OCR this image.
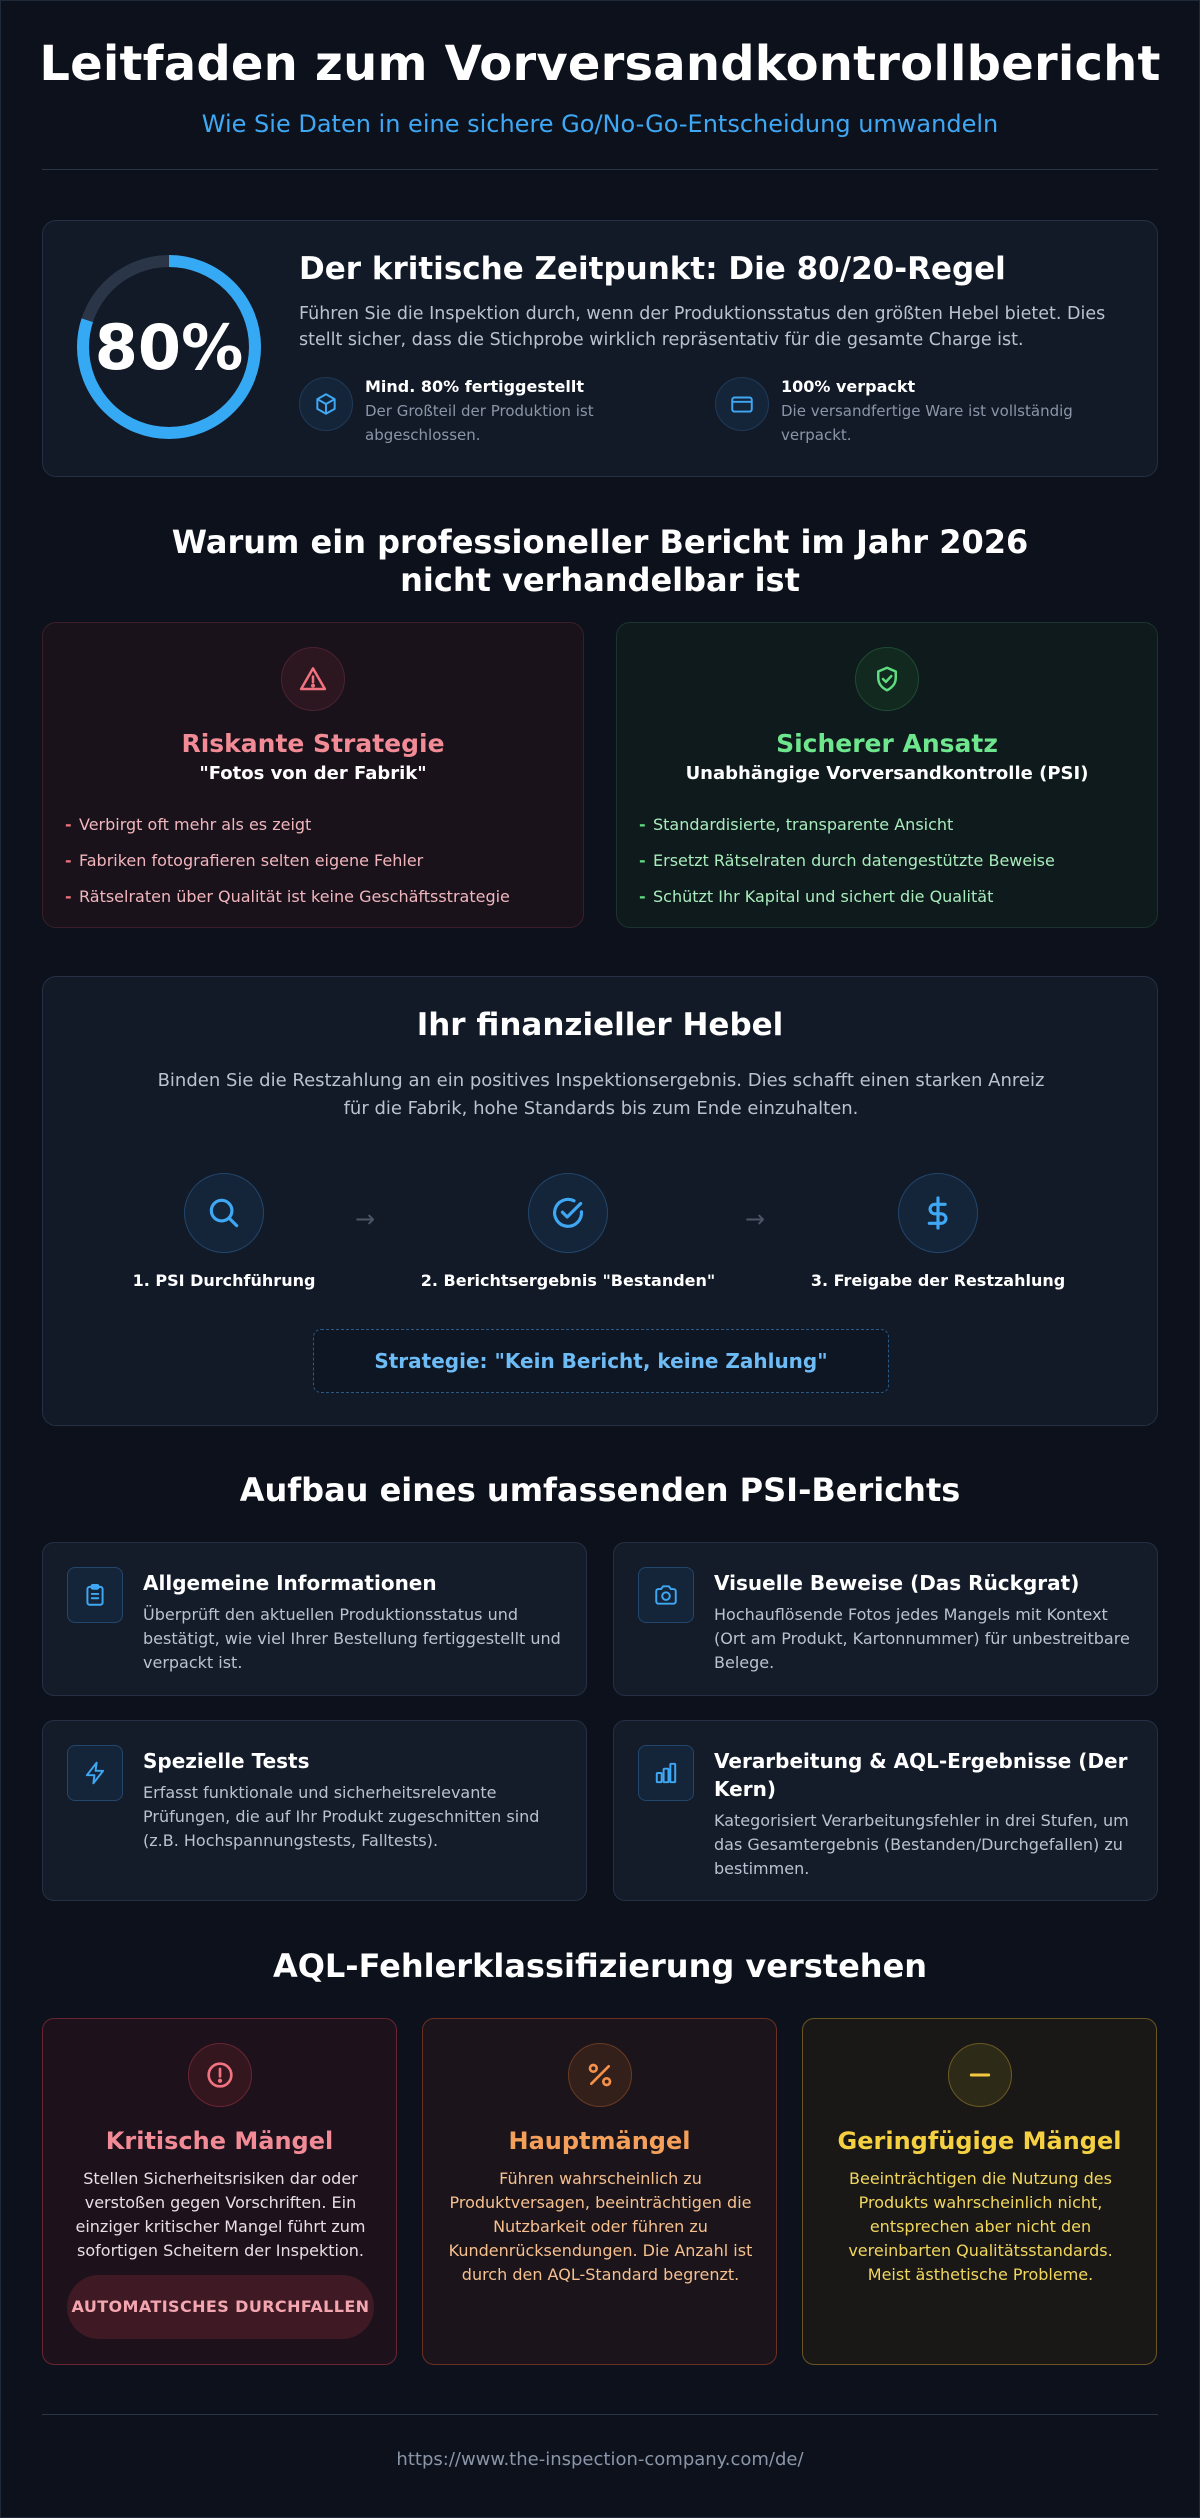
Leitfaden zum Vorversandkontrollbericht
Wie Sie Daten in eine sichere Go/No-Go-Entscheidung umwandeln
80%
Der kritische Zeitpunkt: Die 80/20-Regel
Führen Sie die Inspektion durch, wenn der Produktionsstatus den größten Hebel bietet. Dies stellt sicher, dass die Stichprobe wirklich repräsentativ für die gesamte Charge ist.
Mind. 80% fertiggestellt
Der Großteil der Produktion ist abgeschlossen.
100% verpackt
Die versandfertige Ware ist vollständig verpackt.
Warum ein professioneller Bericht im Jahr 2026 nicht verhandelbar ist
Riskante Strategie
"Fotos von der Fabrik"
- Verbirgt oft mehr als es zeigt
- Fabriken fotografieren selten eigene Fehler
- Rätselraten über Qualität ist keine Geschäftsstrategie
Sicherer Ansatz
Unabhängige Vorversandkontrolle (PSI)
- Standardisierte, transparente Ansicht
- Ersetzt Rätselraten durch datengestützte Beweise
- Schützt Ihr Kapital und sichert die Qualität
Ihr finanzieller Hebel
Binden Sie die Restzahlung an ein positives Inspektionsergebnis. Dies schafft einen starken Anreiz für die Fabrik, hohe Standards bis zum Ende einzuhalten.
1. PSI Durchführung
→
2. Berichtsergebnis "Bestanden"
→
3. Freigabe der Restzahlung
Strategie: "Kein Bericht, keine Zahlung"
Aufbau eines umfassenden PSI-Berichts
Allgemeine Informationen
Überprüft den aktuellen Produktionsstatus und bestätigt, wie viel Ihrer Bestellung fertiggestellt und verpackt ist.
Visuelle Beweise (Das Rückgrat)
Hochauflösende Fotos jedes Mangels mit Kontext (Ort am Produkt, Kartonnummer) für unbestreitbare Belege.
Spezielle Tests
Erfasst funktionale und sicherheitsrelevante Prüfungen, die auf Ihr Produkt zugeschnitten sind (z.B. Hochspannungstests, Falltests).
Verarbeitung & AQL-Ergebnisse (Der Kern)
Kategorisiert Verarbeitungsfehler in drei Stufen, um das Gesamtergebnis (Bestanden/Durchgefallen) zu bestimmen.
AQL-Fehlerklassifizierung verstehen
Kritische Mängel
Stellen Sicherheitsrisiken dar oder verstoßen gegen Vorschriften. Ein einziger kritischer Mangel führt zum sofortigen Scheitern der Inspektion.
AUTOMATISCHES DURCHFALLEN
Hauptmängel
Führen wahrscheinlich zu Produktversagen, beeinträchtigen die Nutzbarkeit oder führen zu Kundenrücksendungen. Die Anzahl ist durch den AQL-Standard begrenzt.
Geringfügige Mängel
Beeinträchtigen die Nutzung des Produkts wahrscheinlich nicht, entsprechen aber nicht den vereinbarten Qualitätsstandards. Meist ästhetische Probleme.
https://www.the-inspection-company.com/de/
